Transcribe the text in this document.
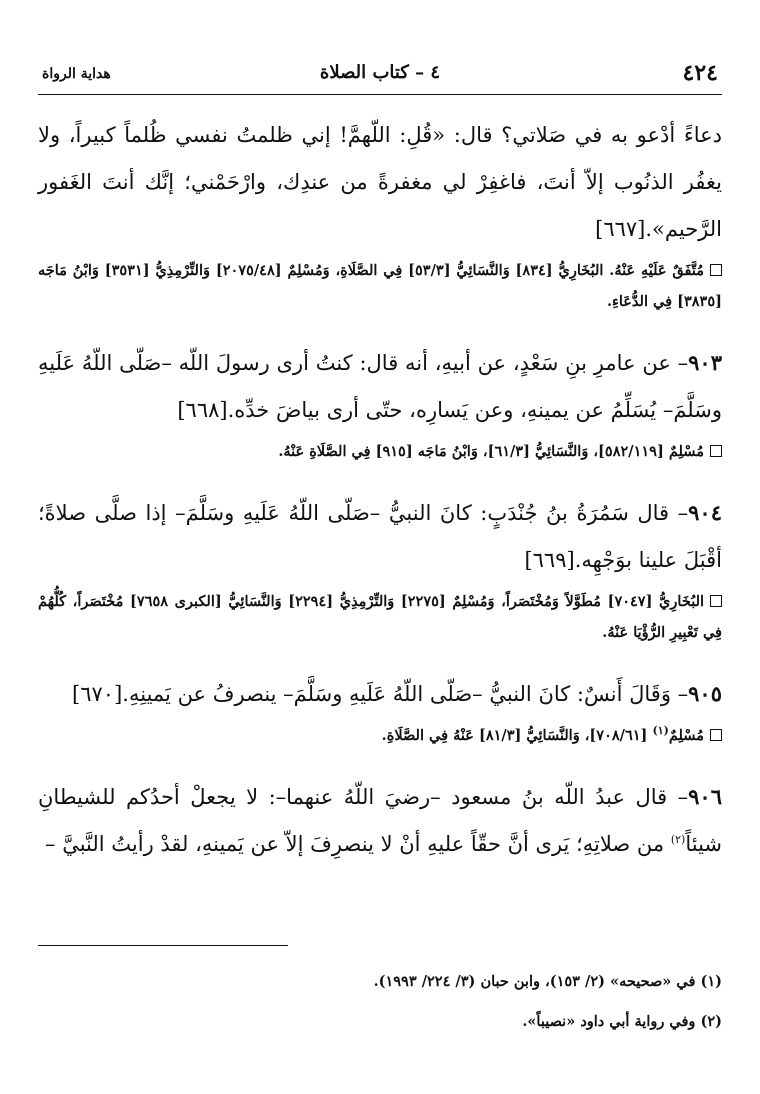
٤٢٤
٤ – كتاب الصلاة
هداية الرواة

دعاءً أدْعو به في صَلاتي؟ قال: «قُلِ: اللّهمَّ! إني ظلمتُ نفسي ظُلماً كبيراً، ولا يغفُر الذنُوب إلاّ أنتَ، فاغفِرْ لي مغفرةً من عندِك، وارْحَمْني؛ إنَّك أنتَ الغَفور الرَّحيم».[٦٦٧]

مُتَّفَقٌ عَلَيْهِ عَنْهُ. البُخَارِيُّ [٨٣٤] وَالنَّسَائِيُّ [٥٣/٣] فِي الصَّلَاةِ، وَمُسْلِمٌ [٢٠٧٥/٤٨] وَالتِّرْمِذِيُّ [٣٥٣١] وَابْنُ مَاجَه [٣٨٣٥] فِي الدُّعَاءِ.

٩٠٣– عن عامرِ بنِ سَعْدٍ، عن أبيهِ، أنه قال: كنتُ أرى رسولَ اللّه –صَلّى اللّهُ عَلَيهِ وسَلَّمَ– يُسَلِّمُ عن يمينهِ، وعن يَسارِه، حتّى أرى بياضَ خدِّه.[٦٦٨]

مُسْلِمٌ [٥٨٢/١١٩]، وَالنَّسَائِيُّ [٦١/٣]، وَابْنُ مَاجَه [٩١٥] فِي الصَّلَاةِ عَنْهُ.

٩٠٤– قال سَمُرَةُ بنُ جُنْدَبٍ: كانَ النبيُّ –صَلّى اللّهُ عَلَيهِ وسَلَّمَ– إذا صلَّى صلاةً؛ أقْبَلَ علينا بوَجْهِه.[٦٦٩]

البُخَارِيُّ [٧٠٤٧] مُطَوَّلاً وَمُخْتَصَراً، وَمُسْلِمٌ [٢٢٧٥] وَالتِّرْمِذِيُّ [٢٢٩٤] وَالنَّسَائِيُّ [الكبرى ٧٦٥٨] مُخْتَصَراً، كُلُّهُمْ فِي تَعْبِيرِ الرُّؤْيَا عَنْهُ.

٩٠٥– وَقَالَ أَنسٌ: كانَ النبيُّ –صَلّى اللّهُ عَلَيهِ وسَلَّمَ– ينصرفُ عن يَمينِهِ.[٦٧٠]

مُسْلِمٌ$^{(١)}$ [٧٠٨/٦١]، وَالنَّسَائِيُّ [٨١/٣] عَنْهُ فِي الصَّلَاةِ.

٩٠٦– قال عبدُ اللّه بنُ مسعود –رضيَ اللّهُ عنهما–: لا يجعلْ أحدُكم للشيطانِ شيئاً$^{(٢)}$ من صلاتِهِ؛ يَرى أنَّ حقّاً عليهِ أنْ لا ينصرِفَ إلاّ عن يَمينهِ، لقدْ رأيتُ النَّبيَّ –

(١) في «صحيحه» (٢/ ١٥٣)، وابن حبان (٣/ ٢٢٤/ ١٩٩٣).

(٢) وفي رواية أبي داود «نصيباً».
